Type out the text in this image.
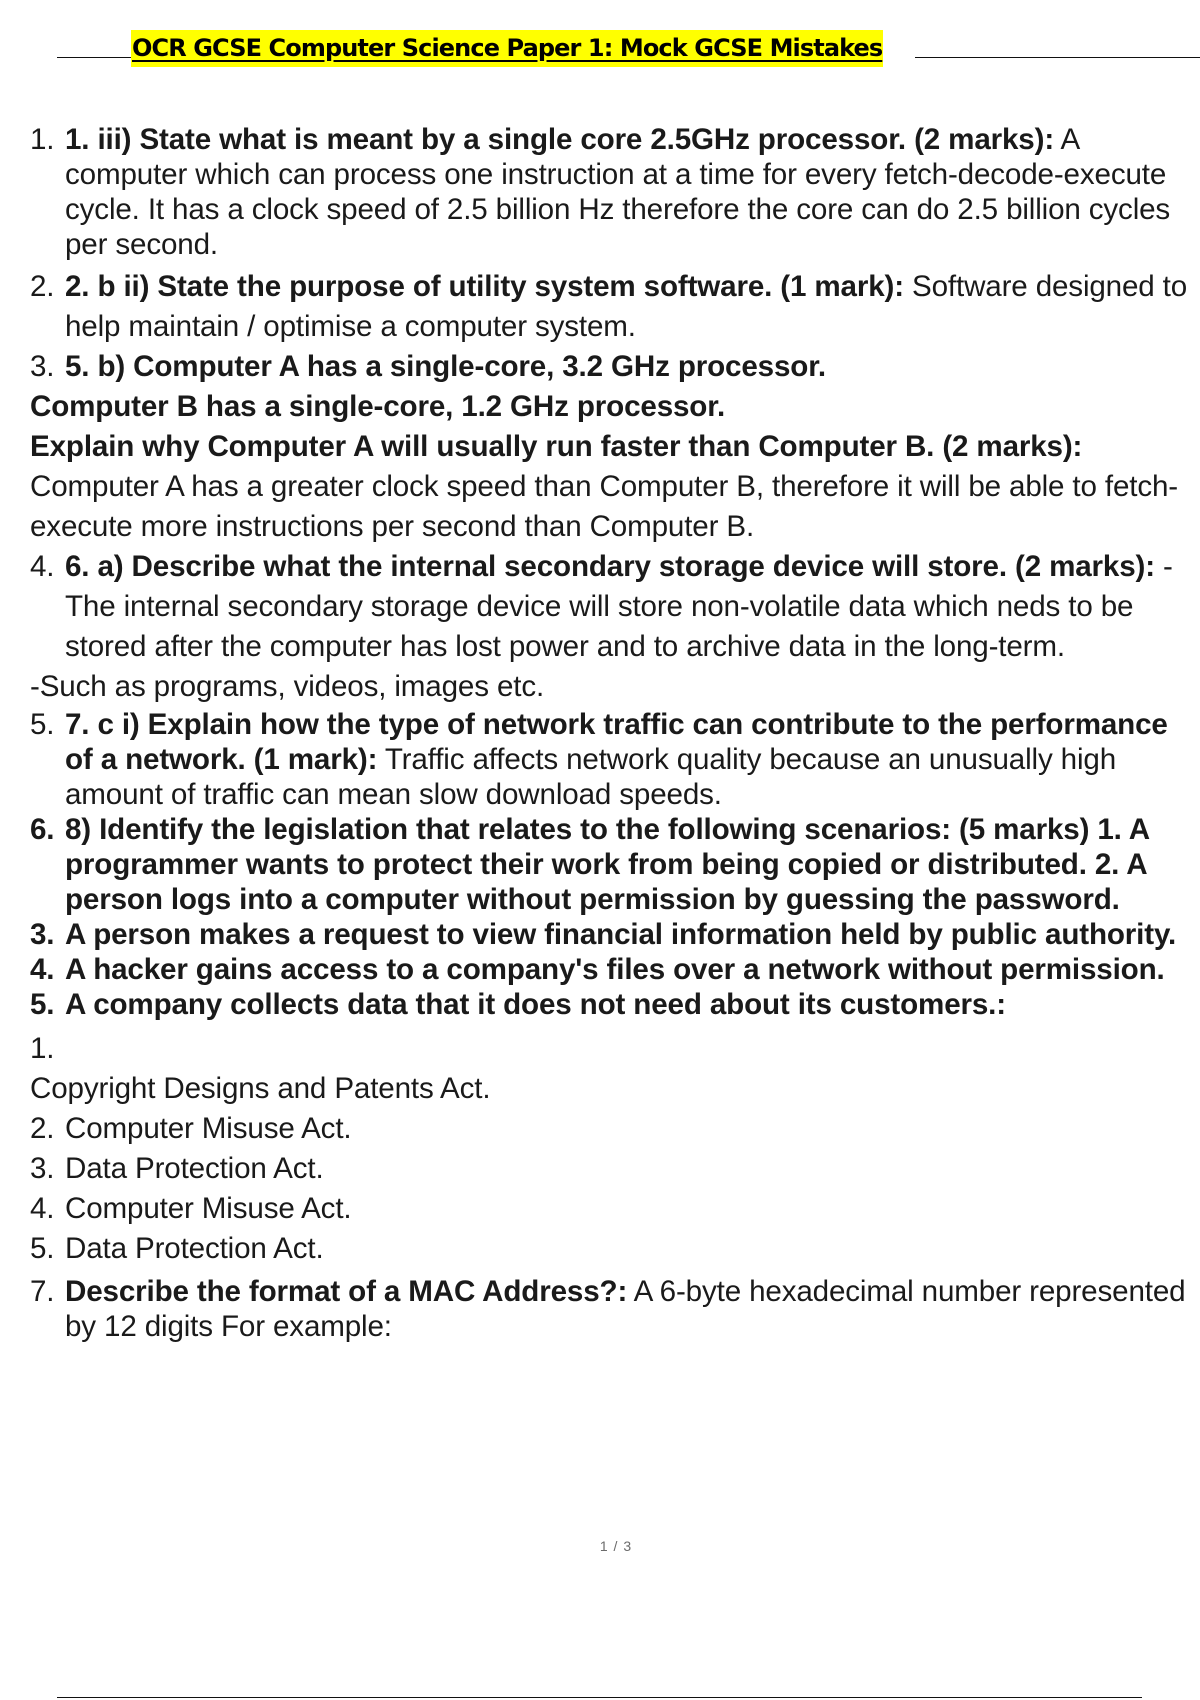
OCR GCSE Computer Science Paper 1: Mock GCSE Mistakes
1. 1. iii) State what is meant by a single core 2.5GHz processor. (2 marks): A computer which can process one instruction at a time for every fetch-decode-execute cycle. It has a clock speed of 2.5 billion Hz therefore the core can do 2.5 billion cycles per second.
2. 2. b ii) State the purpose of utility system software. (1 mark): Software designed to help maintain / optimise a computer system.
3. 5. b) Computer A has a single-core, 3.2 GHz processor.
Computer B has a single-core, 1.2 GHz processor.
Explain why Computer A will usually run faster than Computer B. (2 marks): Computer A has a greater clock speed than Computer B, therefore it will be able to fetch-execute more instructions per second than Computer B.
4. 6. a) Describe what the internal secondary storage device will store. (2 marks): -The internal secondary storage device will store non-volatile data which neds to be stored after the computer has lost power and to archive data in the long-term.
-Such as programs, videos, images etc.
5. 7. c i) Explain how the type of network traffic can contribute to the performance of a network. (1 mark): Traffic affects network quality because an unusually high amount of traffic can mean slow download speeds.
6. 8) Identify the legislation that relates to the following scenarios: (5 marks) 1. A programmer wants to protect their work from being copied or distributed. 2. A person logs into a computer without permission by guessing the password.
3. A person makes a request to view financial information held by public authority.
4. A hacker gains access to a company's files over a network without permission.
5. A company collects data that it does not need about its customers.:
1.
Copyright Designs and Patents Act.
2. Computer Misuse Act.
3. Data Protection Act.
4. Computer Misuse Act.
5. Data Protection Act.
7. Describe the format of a MAC Address?: A 6-byte hexadecimal number represented by 12 digits For example:
1 / 3
